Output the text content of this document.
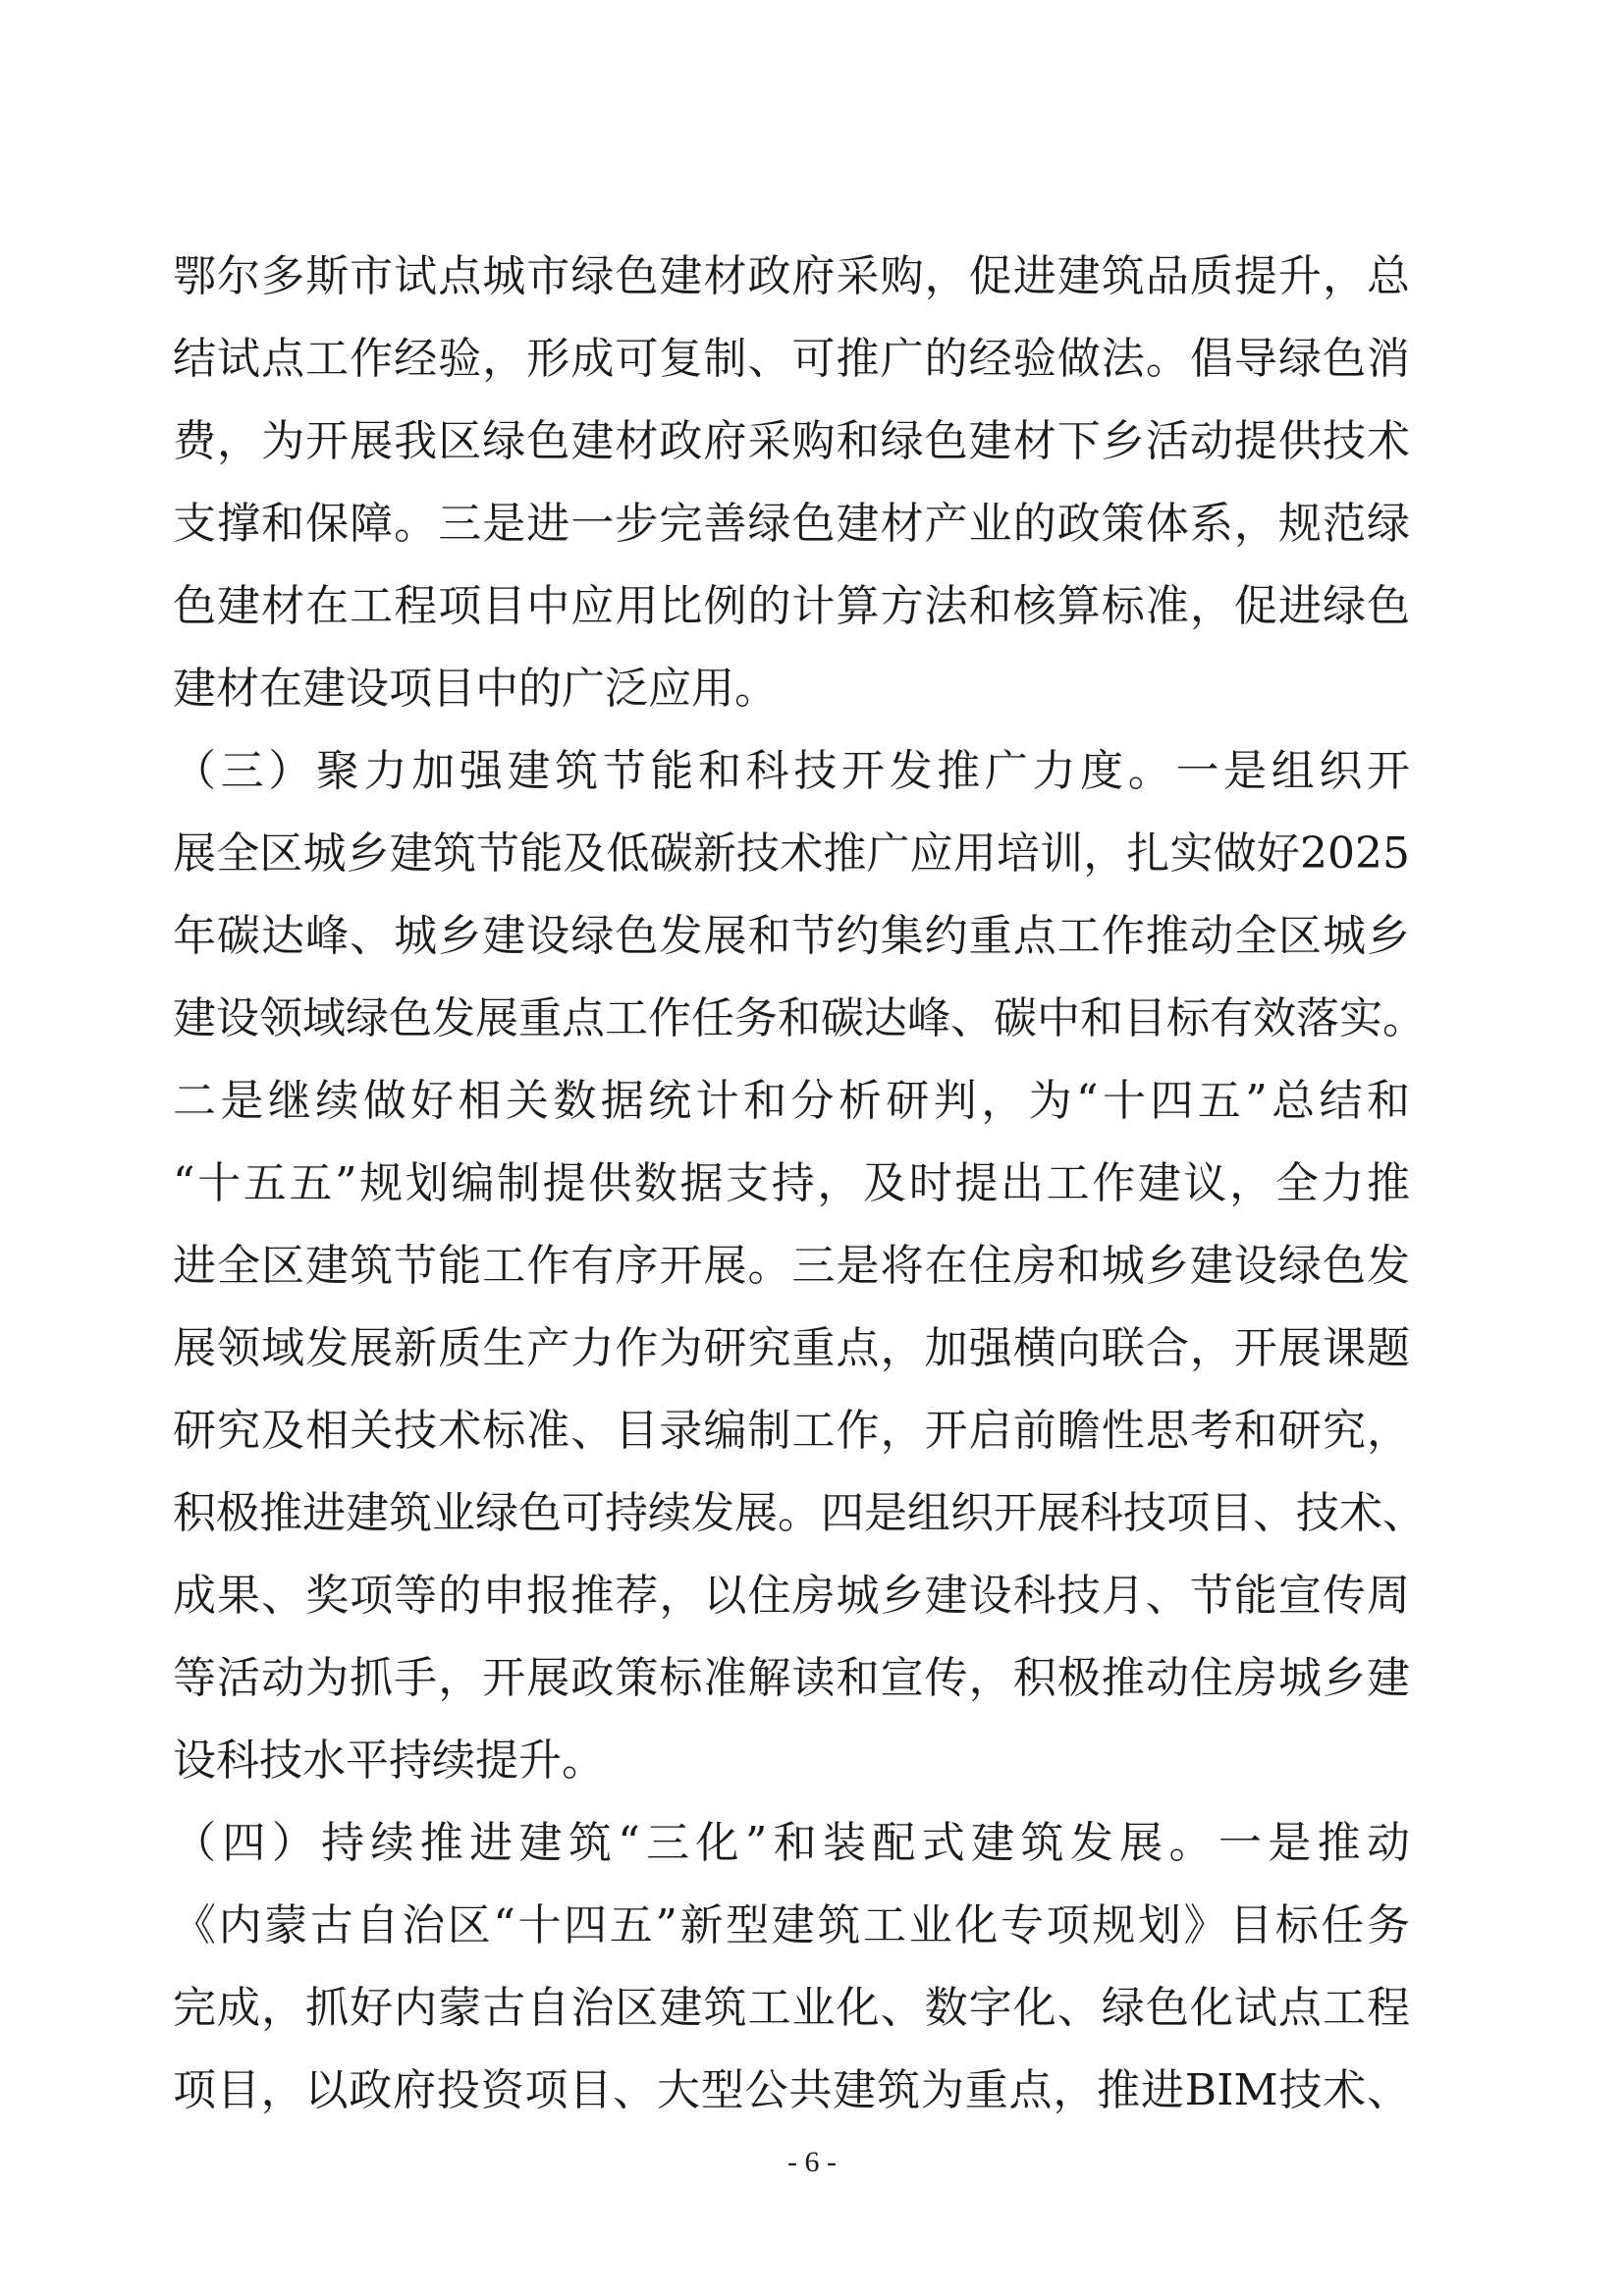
鄂尔多斯市试点城市绿色建材政府采购，促进建筑品质提升，总
结试点工作经验，形成可复制、可推广的经验做法。倡导绿色消
费，为开展我区绿色建材政府采购和绿色建材下乡活动提供技术
支撑和保障。三是进一步完善绿色建材产业的政策体系，规范绿
色建材在工程项目中应用比例的计算方法和核算标准，促进绿色
建材在建设项目中的广泛应用。
（三）聚力加强建筑节能和科技开发推广力度。一是组织开
展全区城乡建筑节能及低碳新技术推广应用培训，扎实做好2025
年碳达峰、城乡建设绿色发展和节约集约重点工作推动全区城乡
建设领域绿色发展重点工作任务和碳达峰、碳中和目标有效落实。
二是继续做好相关数据统计和分析研判，为“十四五”总结和
“十五五”规划编制提供数据支持，及时提出工作建议，全力推
进全区建筑节能工作有序开展。三是将在住房和城乡建设绿色发
展领域发展新质生产力作为研究重点，加强横向联合，开展课题
研究及相关技术标准、目录编制工作，开启前瞻性思考和研究，
积极推进建筑业绿色可持续发展。四是组织开展科技项目、技术、
成果、奖项等的申报推荐，以住房城乡建设科技月、节能宣传周
等活动为抓手，开展政策标准解读和宣传，积极推动住房城乡建
设科技水平持续提升。
（四）持续推进建筑“三化”和装配式建筑发展。一是推动
《内蒙古自治区“十四五”新型建筑工业化专项规划》目标任务
完成，抓好内蒙古自治区建筑工业化、数字化、绿色化试点工程
项目，以政府投资项目、大型公共建筑为重点，推进BIM技术、
- 6 -
